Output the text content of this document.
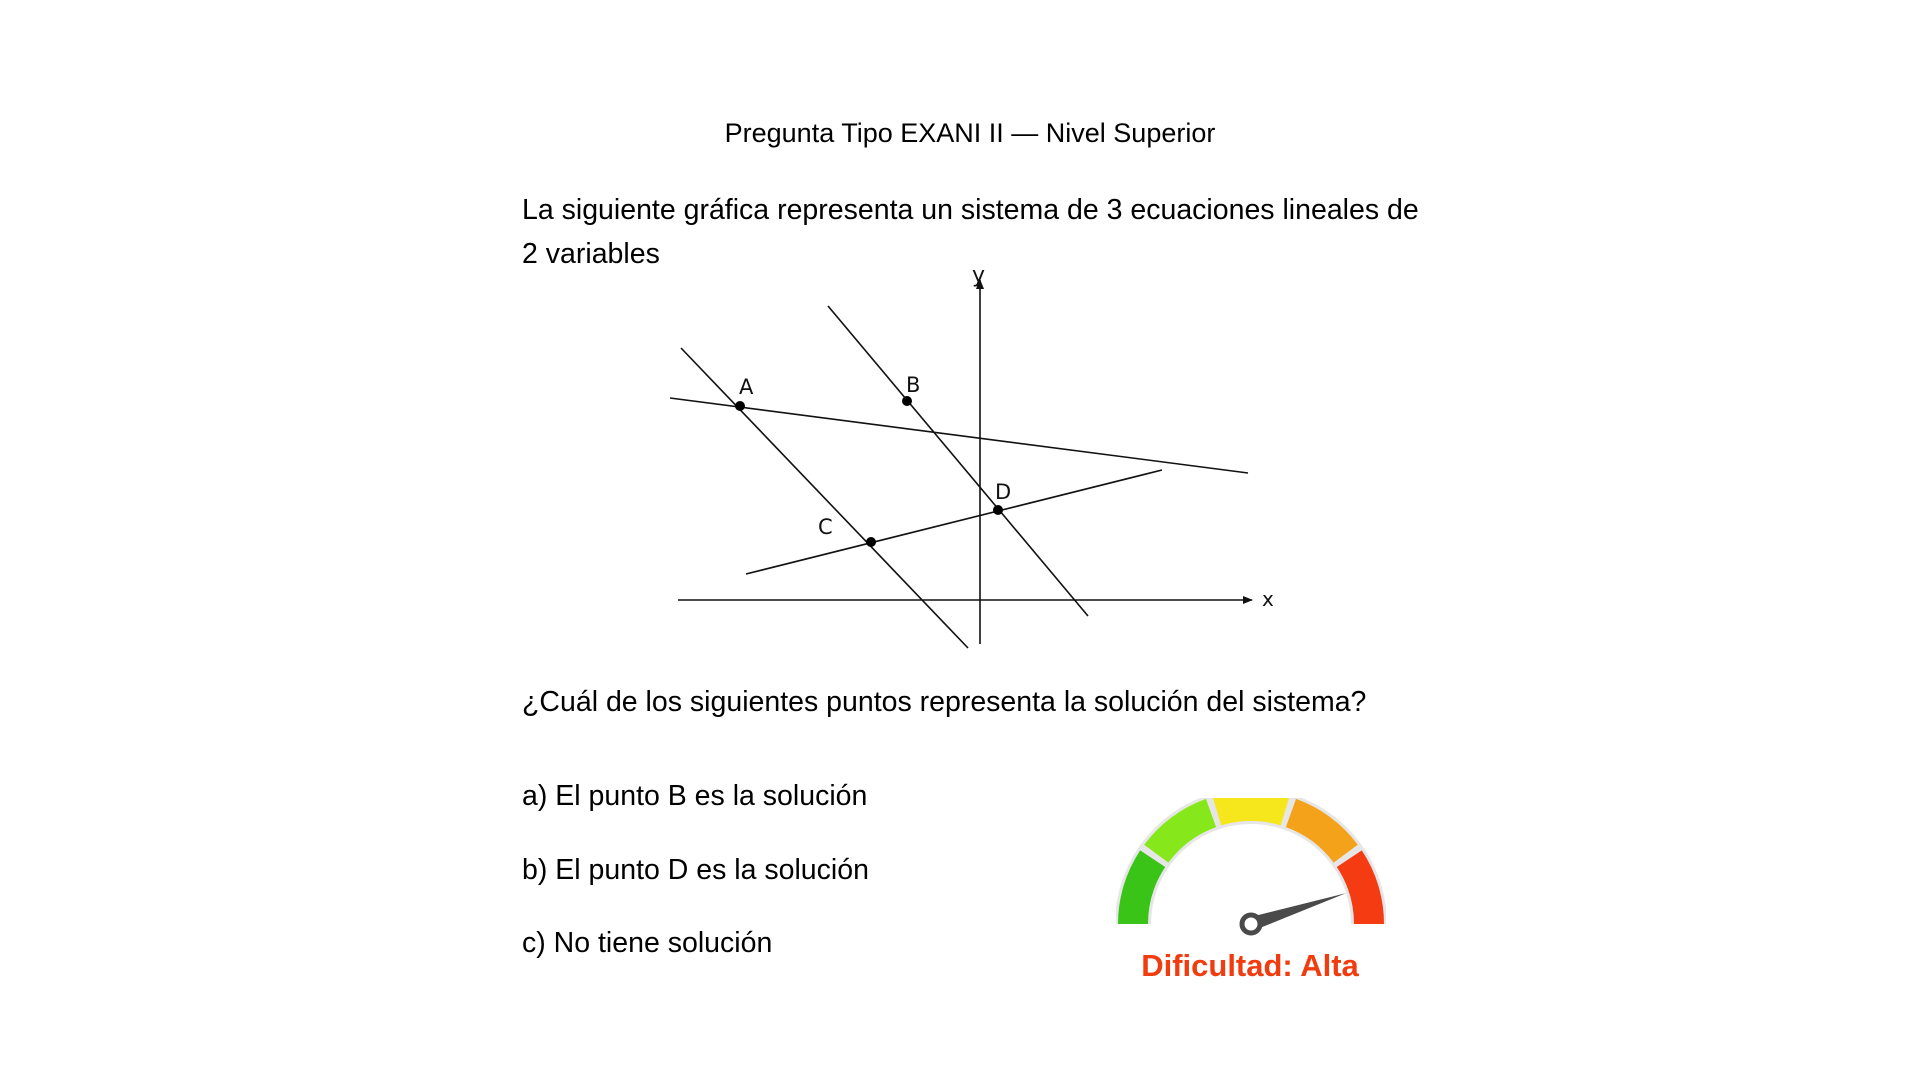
Pregunta Tipo EXANI II — Nivel Superior
La siguiente gráfica representa un sistema de 3 ecuaciones lineales de 2 variables
x
y
A	B
C
D
¿Cuál de los siguientes puntos representa la solución del sistema?
a) El punto B es la solución
b) El punto D es la solución
c) No tiene solución
Dificultad: Alta
